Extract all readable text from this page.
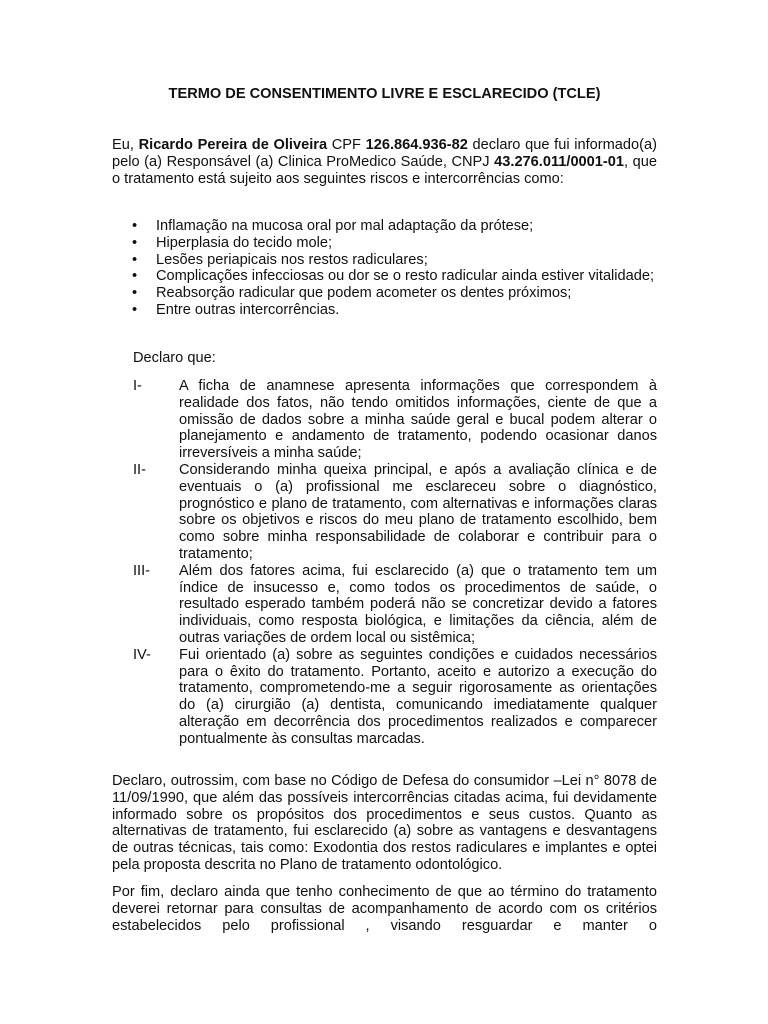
TERMO DE CONSENTIMENTO LIVRE E ESCLARECIDO (TCLE)

Eu, Ricardo Pereira de Oliveira CPF 126.864.936-82 declaro que fui informado(a) pelo (a) Responsável (a) Clinica ProMedico Saúde, CNPJ 43.276.011/0001-01, que o tratamento está sujeito aos seguintes riscos e intercorrências como:

• Inflamação na mucosa oral por mal adaptação da prótese;
• Hiperplasia do tecido mole;
• Lesões periapicais nos restos radiculares;
• Complicações infecciosas ou dor se o resto radicular ainda estiver vitalidade;
• Reabsorção radicular que podem acometer os dentes próximos;
• Entre outras intercorrências.

Declaro que:

I-	A ficha de anamnese apresenta informações que correspondem à realidade dos fatos, não tendo omitidos informações, ciente de que a omissão de dados sobre a minha saúde geral e bucal podem alterar o planejamento e andamento de tratamento, podendo ocasionar danos irreversíveis a minha saúde;
II- Considerando minha queixa principal, e após a avaliação clínica e de eventuais o (a) profissional me esclareceu sobre o diagnóstico, prognóstico e plano de tratamento, com alternativas e informações claras sobre os objetivos e riscos do meu plano de tratamento escolhido, bem como sobre minha responsabilidade de colaborar e contribuir para o tratamento;
III- Além dos fatores acima, fui esclarecido (a) que o tratamento tem um índice de insucesso e, como todos os procedimentos de saúde, o resultado esperado também poderá não se concretizar devido a fatores individuais, como resposta biológica, e limitações da ciência, além de outras variações de ordem local ou sistêmica;
IV- Fui orientado (a) sobre as seguintes condições e cuidados necessários para o êxito do tratamento. Portanto, aceito e autorizo a execução do tratamento, comprometendo-me a seguir rigorosamente as orientações do (a) cirurgião (a) dentista, comunicando imediatamente qualquer alteração em decorrência dos procedimentos realizados e comparecer pontualmente às consultas marcadas.

Declaro, outrossim, com base no Código de Defesa do consumidor –Lei n° 8078 de 11/09/1990, que além das possíveis intercorrências citadas acima, fui devidamente informado sobre os propósitos dos procedimentos e seus custos. Quanto as alternativas de tratamento, fui esclarecido (a) sobre as vantagens e desvantagens de outras técnicas, tais como: Exodontia dos restos radiculares e implantes e optei pela proposta descrita no Plano de tratamento odontológico.

Por fim, declaro ainda que tenho conhecimento de que ao término do tratamento deverei retornar para consultas de acompanhamento de acordo com os critérios estabelecidos pelo profissional , visando resguardar e manter o
